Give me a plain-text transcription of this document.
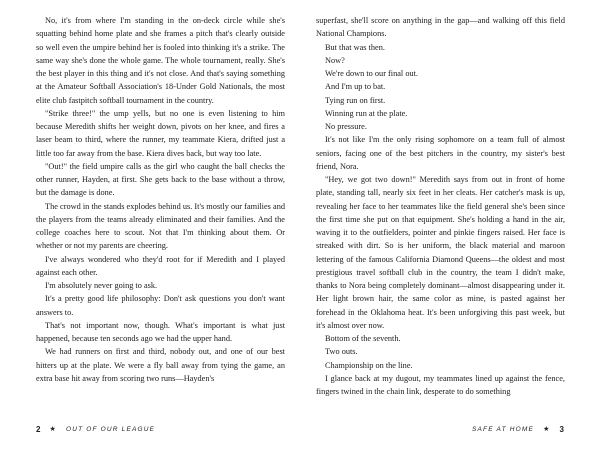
No, it's from where I'm standing in the on-deck circle while she's squatting behind home plate and she frames a pitch that's clearly outside so well even the umpire behind her is fooled into thinking it's a strike. The same way she's done the whole game. The whole tournament, really. She's the best player in this thing and it's not close. And that's saying something at the Amateur Softball Association's 18-Under Gold Nationals, the most elite club fastpitch softball tournament in the country.

"Strike three!" the ump yells, but no one is even listening to him because Meredith shifts her weight down, pivots on her knee, and fires a laser beam to third, where the runner, my teammate Kiera, drifted just a little too far away from the base. Kiera dives back, but way too late.

"Out!" the field umpire calls as the girl who caught the ball checks the other runner, Hayden, at first. She gets back to the base without a throw, but the damage is done.

The crowd in the stands explodes behind us. It's mostly our families and the players from the teams already eliminated and their families. And the college coaches here to scout. Not that I'm thinking about them. Or whether or not my parents are cheering.

I've always wondered who they'd root for if Meredith and I played against each other.

I'm absolutely never going to ask.

It's a pretty good life philosophy: Don't ask questions you don't want answers to.

That's not important now, though. What's important is what just happened, because ten seconds ago we had the upper hand.

We had runners on first and third, nobody out, and one of our best hitters up at the plate. We were a fly ball away from tying the game, an extra base hit away from scoring two runs—Hayden's

superfast, she'll score on anything in the gap—and walking off this field National Champions.

But that was then.

Now?

We're down to our final out.

And I'm up to bat.

Tying run on first.

Winning run at the plate.

No pressure.

It's not like I'm the only rising sophomore on a team full of almost seniors, facing one of the best pitchers in the country, my sister's best friend, Nora.

"Hey, we got two down!" Meredith says from out in front of home plate, standing tall, nearly six feet in her cleats. Her catcher's mask is up, revealing her face to her teammates like the field general she's been since the first time she put on that equipment. She's holding a hand in the air, waving it to the outfielders, pointer and pinkie fingers raised. Her face is streaked with dirt. So is her uniform, the black material and maroon lettering of the famous California Diamond Queens—the oldest and most prestigious travel softball club in the country, the team I didn't make, thanks to Nora being completely dominant—almost disappearing under it. Her light brown hair, the same color as mine, is pasted against her forehead in the Oklahoma heat. It's been unforgiving this past week, but it's almost over now.

Bottom of the seventh.

Two outs.

Championship on the line.

I glance back at my dugout, my teammates lined up against the fence, fingers twined in the chain link, desperate to do something

2 ★ OUT OF OUR LEAGUE	SAFE AT HOME ★ 3
